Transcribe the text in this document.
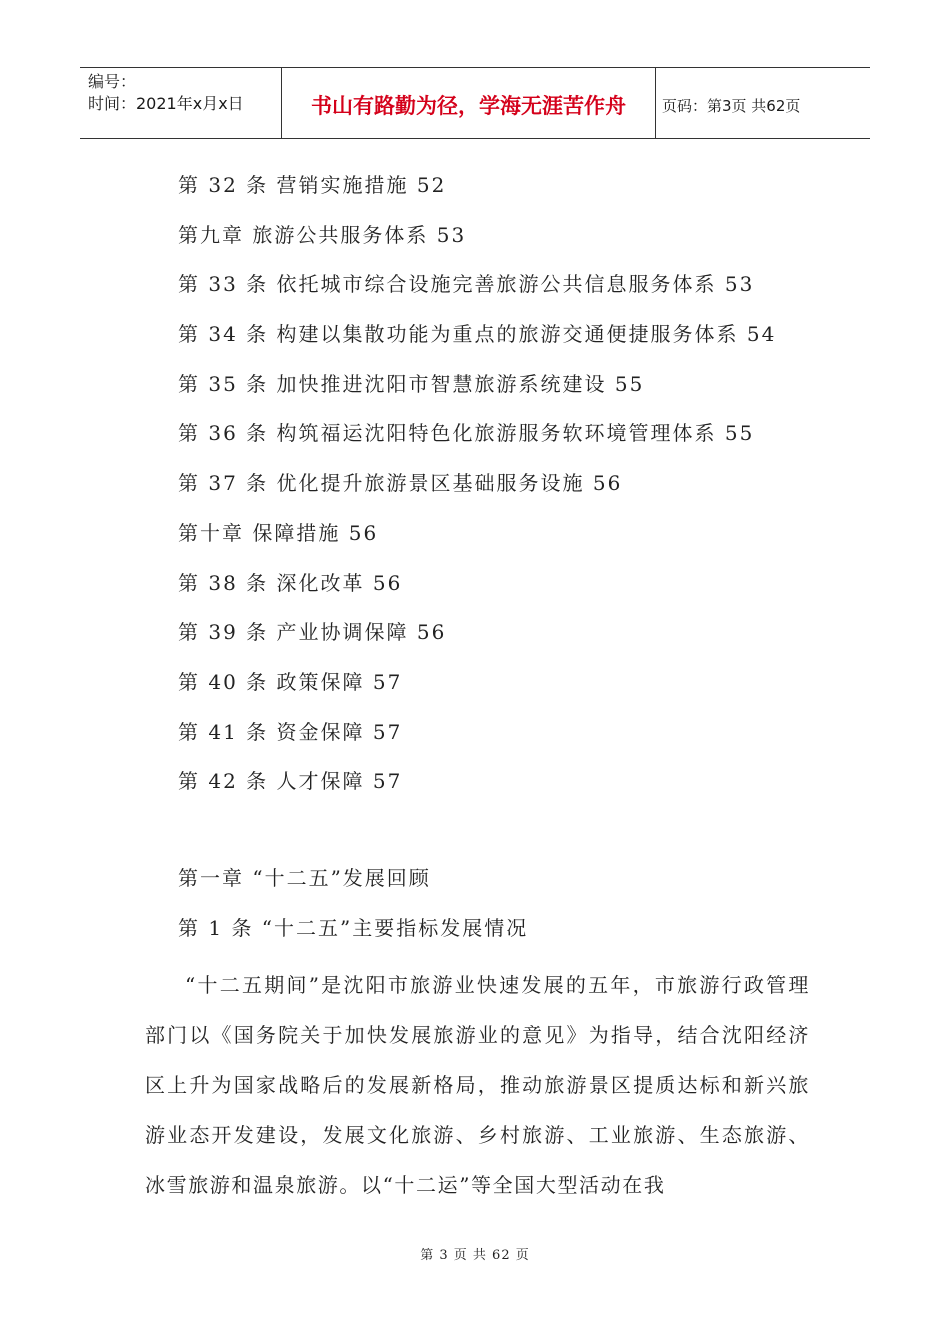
编号：
时间：2021年x月x日	书山有路勤为径，学海无涯苦作舟 页码：第3页 共62页
第 32 条 营销实施措施 52
第九章 旅游公共服务体系 53
第 33 条 依托城市综合设施完善旅游公共信息服务体系 53
第 34 条 构建以集散功能为重点的旅游交通便捷服务体系 54
第 35 条 加快推进沈阳市智慧旅游系统建设 55
第 36 条 构筑福运沈阳特色化旅游服务软环境管理体系 55
第 37 条 优化提升旅游景区基础服务设施 56
第十章 保障措施 56
第 38 条 深化改革 56
第 39 条 产业协调保障 56
第 40 条 政策保障 57
第 41 条 资金保障 57
第 42 条 人才保障 57
第一章 “十二五”发展回顾
第 1 条 “十二五”主要指标发展情况

“十二五期间”是沈阳市旅游业快速发展的五年，市旅游行政管理部门以《国务院关于加快发展旅游业的意见》为指导，结合沈阳经济区上升为国家战略后的发展新格局，推动旅游景区提质达标和新兴旅游业态开发建设，发展文化旅游、乡村旅游、工业旅游、生态旅游、冰雪旅游和温泉旅游。以“十二运”等全国大型活动在我

第 3 页 共 62 页
